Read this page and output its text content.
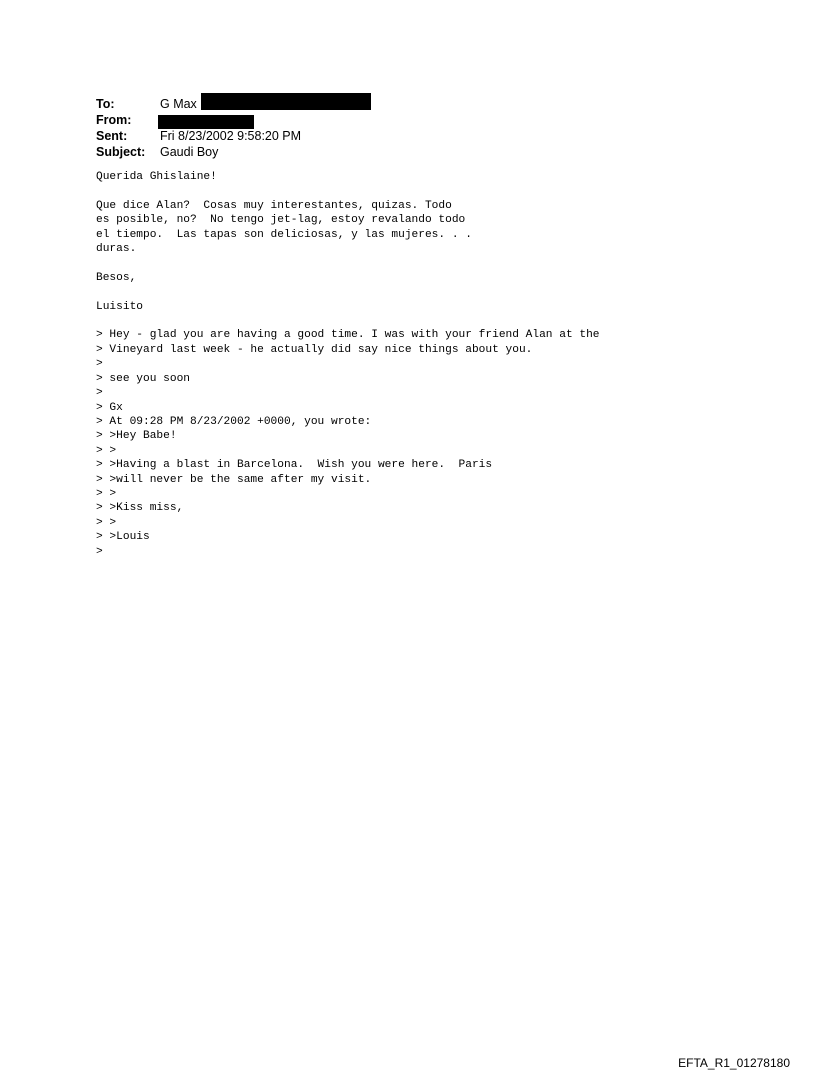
To:	G Max
From:
Sent:	Fri 8/23/2002 9:58:20 PM
Subject: Gaudi Boy
Querida Ghislaine!

Que dice Alan?  Cosas muy interestantes, quizas. Todo
es posible, no?  No tengo jet-lag, estoy revalando todo
el tiempo.  Las tapas son deliciosas, y las mujeres. . .
duras.

Besos,

Luisito

> Hey - glad you are having a good time. I was with your friend Alan at the
> Vineyard last week - he actually did say nice things about you.
>
> see you soon
>
> Gx
> At 09:28 PM 8/23/2002 +0000, you wrote:
> >Hey Babe!
> >
> >Having a blast in Barcelona.  Wish you were here.  Paris
> >will never be the same after my visit.
> >
> >Kiss miss,
> >
> >Louis
>
EFTA_R1_01278180
